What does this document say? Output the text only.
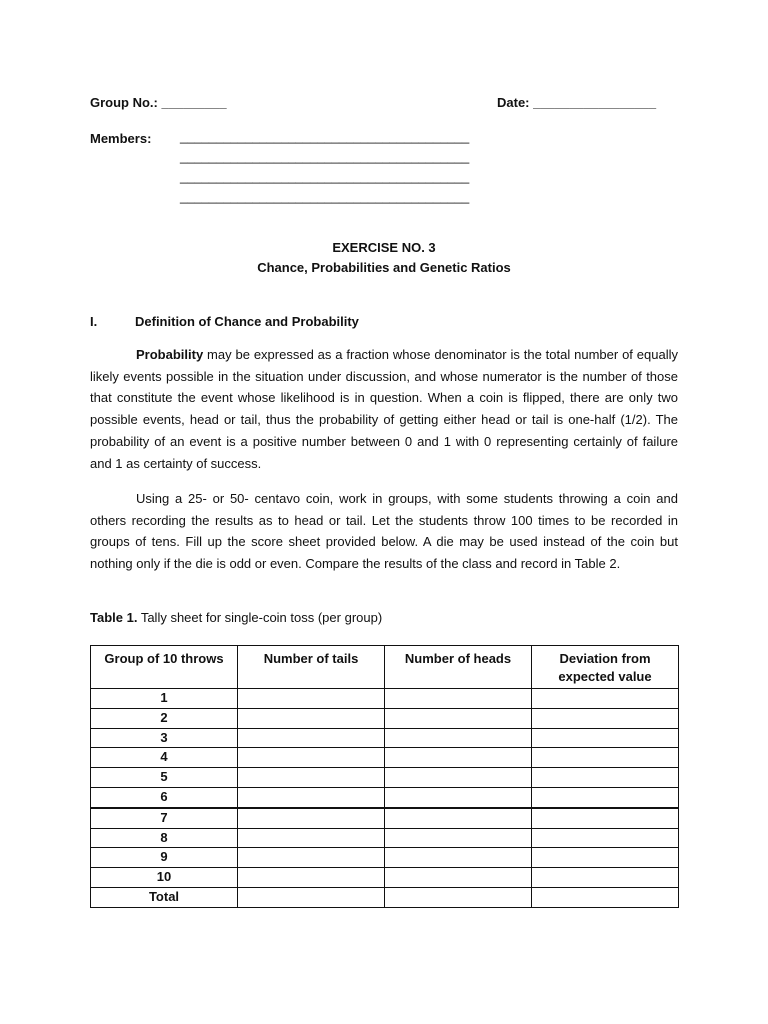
Group No.: _________	Date: _________________
Members: ________________________________________
________________________________________
________________________________________
________________________________________
EXERCISE NO. 3
Chance, Probabilities and Genetic Ratios
I.	Definition of Chance and Probability
Probability may be expressed as a fraction whose denominator is the total number of equally likely events possible in the situation under discussion, and whose numerator is the number of those that constitute the event whose likelihood is in question. When a coin is flipped, there are only two possible events, head or tail, thus the probability of getting either head or tail is one-half (1/2). The probability of an event is a positive number between 0 and 1 with 0 representing certainly of failure and 1 as certainty of success.
Using a 25- or 50- centavo coin, work in groups, with some students throwing a coin and others recording the results as to head or tail. Let the students throw 100 times to be recorded in groups of tens. Fill up the score sheet provided below. A die may be used instead of the coin but nothing only if the die is odd or even. Compare the results of the class and record in Table 2.
Table 1. Tally sheet for single-coin toss (per group)
Group of 10 throws	Number of tails	Number of heads	Deviation from expected value
1			
2			
3			
4			
5			
6			
7			
8			
9			
10			
Total			
